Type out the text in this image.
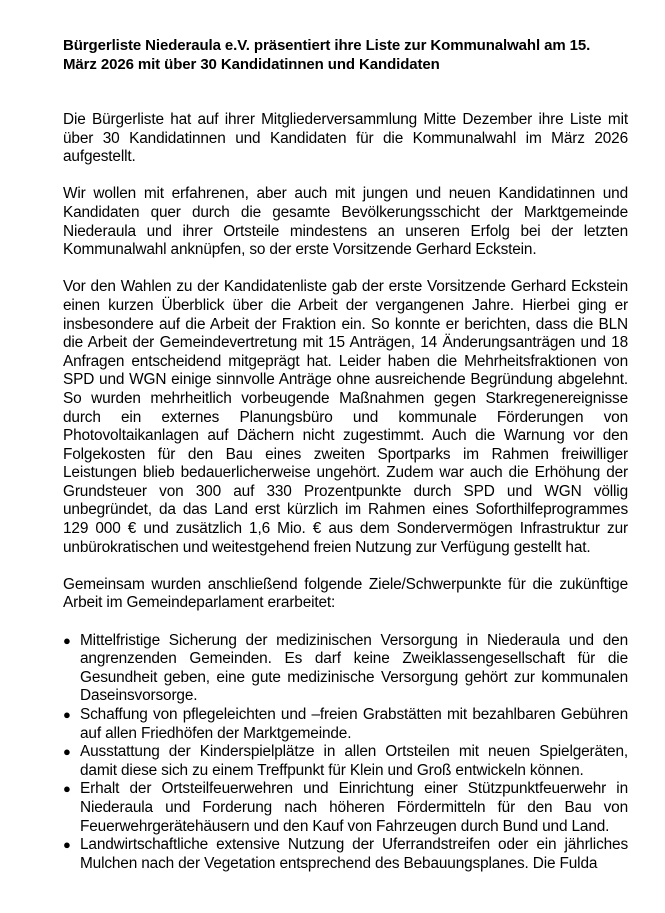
Bürgerliste Niederaula e.V. präsentiert ihre Liste zur Kommunalwahl am 15. März 2026 mit über 30 Kandidatinnen und Kandidaten

Die Bürgerliste hat auf ihrer Mitgliederversammlung Mitte Dezember ihre Liste mit über 30 Kandidatinnen und Kandidaten für die Kommunalwahl im März 2026 aufgestellt.

Wir wollen mit erfahrenen, aber auch mit jungen und neuen Kandidatinnen und Kandidaten quer durch die gesamte Bevölkerungsschicht der Marktgemeinde Niederaula und ihrer Ortsteile mindestens an unseren Erfolg bei der letzten Kommunalwahl anknüpfen, so der erste Vorsitzende Gerhard Eckstein.

Vor den Wahlen zu der Kandidatenliste gab der erste Vorsitzende Gerhard Eckstein einen kurzen Überblick über die Arbeit der vergangenen Jahre. Hierbei ging er insbesondere auf die Arbeit der Fraktion ein. So konnte er berichten, dass die BLN die Arbeit der Gemeindevertretung mit 15 Anträgen, 14 Änderungsanträgen und 18 Anfragen entscheidend mitgeprägt hat. Leider haben die Mehrheitsfraktionen von SPD und WGN einige sinnvolle Anträge ohne ausreichende Begründung abgelehnt. So wurden mehrheitlich vorbeugende Maßnahmen gegen Starkregenereignisse durch ein externes Planungsbüro und kommunale Förderungen von Photovoltaikanlagen auf Dächern nicht zugestimmt. Auch die Warnung vor den Folgekosten für den Bau eines zweiten Sportparks im Rahmen freiwilliger Leistungen blieb bedauerlicherweise ungehört. Zudem war auch die Erhöhung der Grundsteuer von 300 auf 330 Prozentpunkte durch SPD und WGN völlig unbegründet, da das Land erst kürzlich im Rahmen eines Soforthilfeprogrammes 129 000 € und zusätzlich 1,6 Mio. € aus dem Sondervermögen Infrastruktur zur unbürokratischen und weitestgehend freien Nutzung zur Verfügung gestellt hat.

Gemeinsam wurden anschließend folgende Ziele/Schwerpunkte für die zukünftige Arbeit im Gemeindeparlament erarbeitet:

● Mittelfristige Sicherung der medizinischen Versorgung in Niederaula und den angrenzenden Gemeinden. Es darf keine Zweiklassengesellschaft für die Gesundheit geben, eine gute medizinische Versorgung gehört zur kommunalen Daseinsvorsorge.
● Schaffung von pflegeleichten und –freien Grabstätten mit bezahlbaren Gebühren auf allen Friedhöfen der Marktgemeinde.
● Ausstattung der Kinderspielplätze in allen Ortsteilen mit neuen Spielgeräten, damit diese sich zu einem Treffpunkt für Klein und Groß entwickeln können.
● Erhalt der Ortsteilfeuerwehren und Einrichtung einer Stützpunktfeuerwehr in Niederaula und Forderung nach höheren Fördermitteln für den Bau von Feuerwehrgerätehäusern und den Kauf von Fahrzeugen durch Bund und Land.
● Landwirtschaftliche extensive Nutzung der Uferrandstreifen oder ein jährliches Mulchen nach der Vegetation entsprechend des Bebauungsplanes. Die Fulda
